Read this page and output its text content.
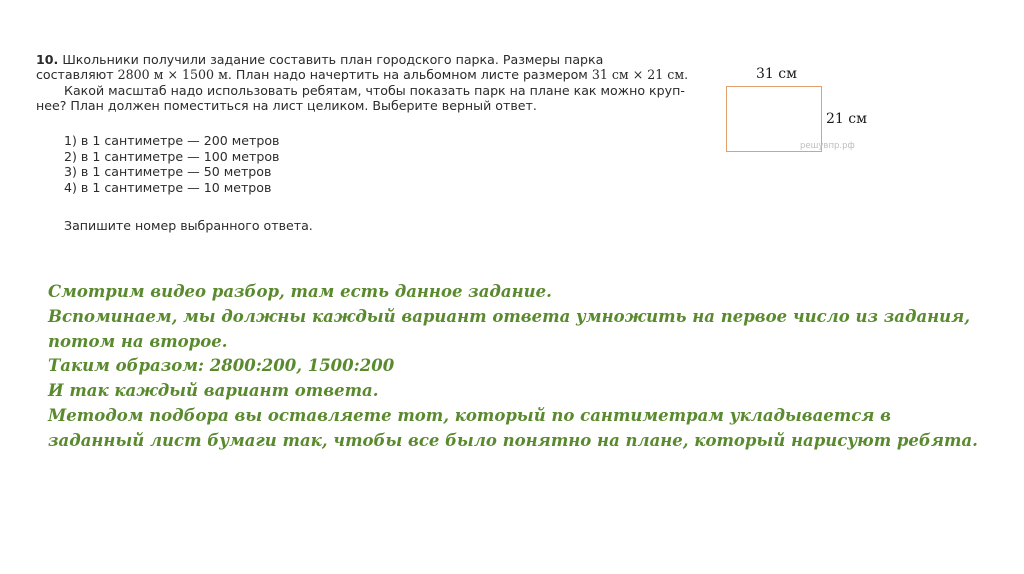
10. Школьники получили задание составить план городского парка. Размеры парка
составляют 2800 м × 1500 м. План надо начертить на альбомном листе размером 31 см × 21 см.
Какой масштаб надо использовать ребятам, чтобы показать парк на плане как можно круп-
нее? План должен поместиться на лист целиком. Выберите верный ответ.

1) в 1 сантиметре — 200 метров
2) в 1 сантиметре — 100 метров
3) в 1 сантиметре — 50 метров
4) в 1 сантиметре — 10 метров
Запишите номер выбранного ответа.
31 см
21 см
решувпр.рф
Смотрим видео разбор, там есть данное задание.
Вспоминаем, мы должны каждый вариант ответа умножить на первое число из задания,
потом на второе.
Таким образом: 2800:200, 1500:200
И так каждый вариант ответа.
Методом подбора вы оставляете тот, который по сантиметрам укладывается в
заданный лист бумаги так, чтобы все было понятно на плане, который нарисуют ребята.
